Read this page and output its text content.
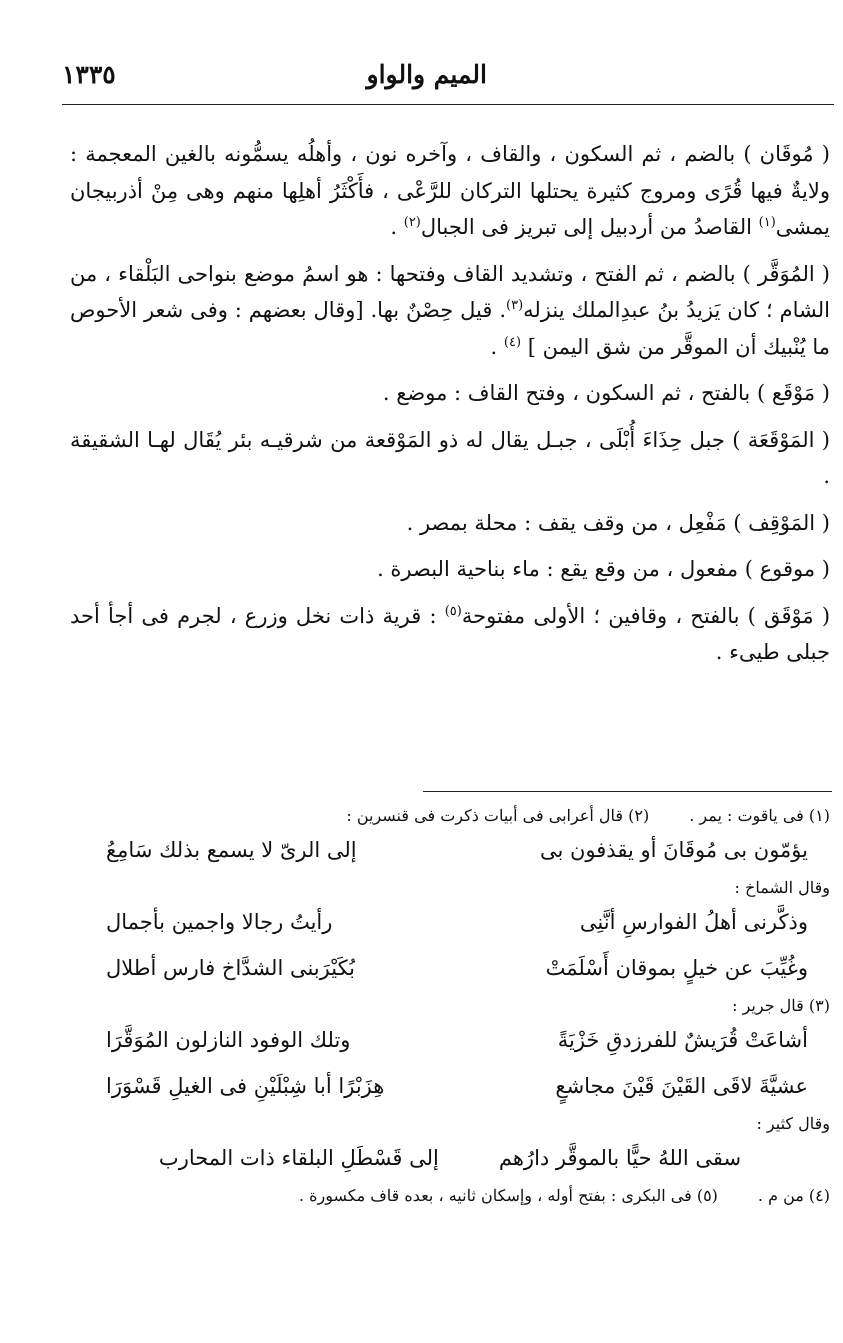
الميم والواو
١٣٣٥

( مُوقَان ) بالضم ، ثم السكون ، والقاف ، وآخره نون ، وأهلُه يسمُّونه بالغين المعجمة : ولايةٌ فيها قُرًى ومروج كثيرة يحتلها التركان للرَّعْى ، فأَكْثَرُ أهلِها منهم وهى مِنْ أذربيجان يمشى$^{(١)}$ القاصدُ من أردبيل إلى تبريز فى الجبال$^{(٢)}$ .

( المُوَقَّر ) بالضم ، ثم الفتح ، وتشديد القاف وفتحها : هو اسمُ موضع بنواحى البَلْقاء ، من الشام ؛ كان يَزيدُ بنُ عبدِالملك ينزله$^{(٣)}$. قيل حِصْنٌ بها. [وقال بعضهم : وفى شعر الأحوص ما يُنْبيك أن الموقَّر من شق اليمن ] $^{(٤)}$ .

( مَوْقَع ) بالفتح ، ثم السكون ، وفتح القاف : موضع .

( المَوْقَعَة ) جبل حِذَاءَ أُبْلَى ، جبـل يقال له ذو المَوْقعة من شرقيـه بئر يُقَال لهـا الشقيقة .

( المَوْقِف ) مَفْعِل ، من وقف يقف : محلة بمصر .

( موقوع ) مفعول ، من وقع يقع : ماء بناحية البصرة .

( مَوْقَق ) بالفتح ، وقافين ؛ الأولى مفتوحة$^{(٥)}$ : قرية ذات نخل وزرع ، لجرم فى أجأ أحد جبلى طيىء .

(١) فى ياقوت : يمر .(٢) قال أعرابى فى أبيات ذكرت فى قنسرين :

يؤمّون بى مُوقَانَ أو يقذفون بى
إلى الرىّ لا يسمع بذلك سَامِعُ

وقال الشماخ :

وذكَّرنى أهلُ الفوارسِ أنَّنِى
رأيتُ رجالا واجمين بأجمال
وغُيِّبَ عن خيلٍ بموقان أَسْلَمَتْ
بُكَيْرَبنى الشدَّاخ فارس أطلال

(٣) قال جرير :

أشاعَتْ قُرَيشٌ للفرزدقِ خَزْيَةً
وتلك الوفود النازلون المُوَقَّرَا
عشيَّةَ لاقَى القَيْنَ قَيْنَ مجاشعٍ
هِزَبْرًا أبا شِبْلَيْنِ فى الغيلِ قَسْوَرَا

وقال كثير :

سقى اللهُ حيًّا بالموقَّر دارُهم
إلى قَسْطَلِ البلقاء ذات المحارب

(٤) من م .(٥) فى البكرى : بفتح أوله ، وإسكان ثانيه ، بعده قاف مكسورة .
